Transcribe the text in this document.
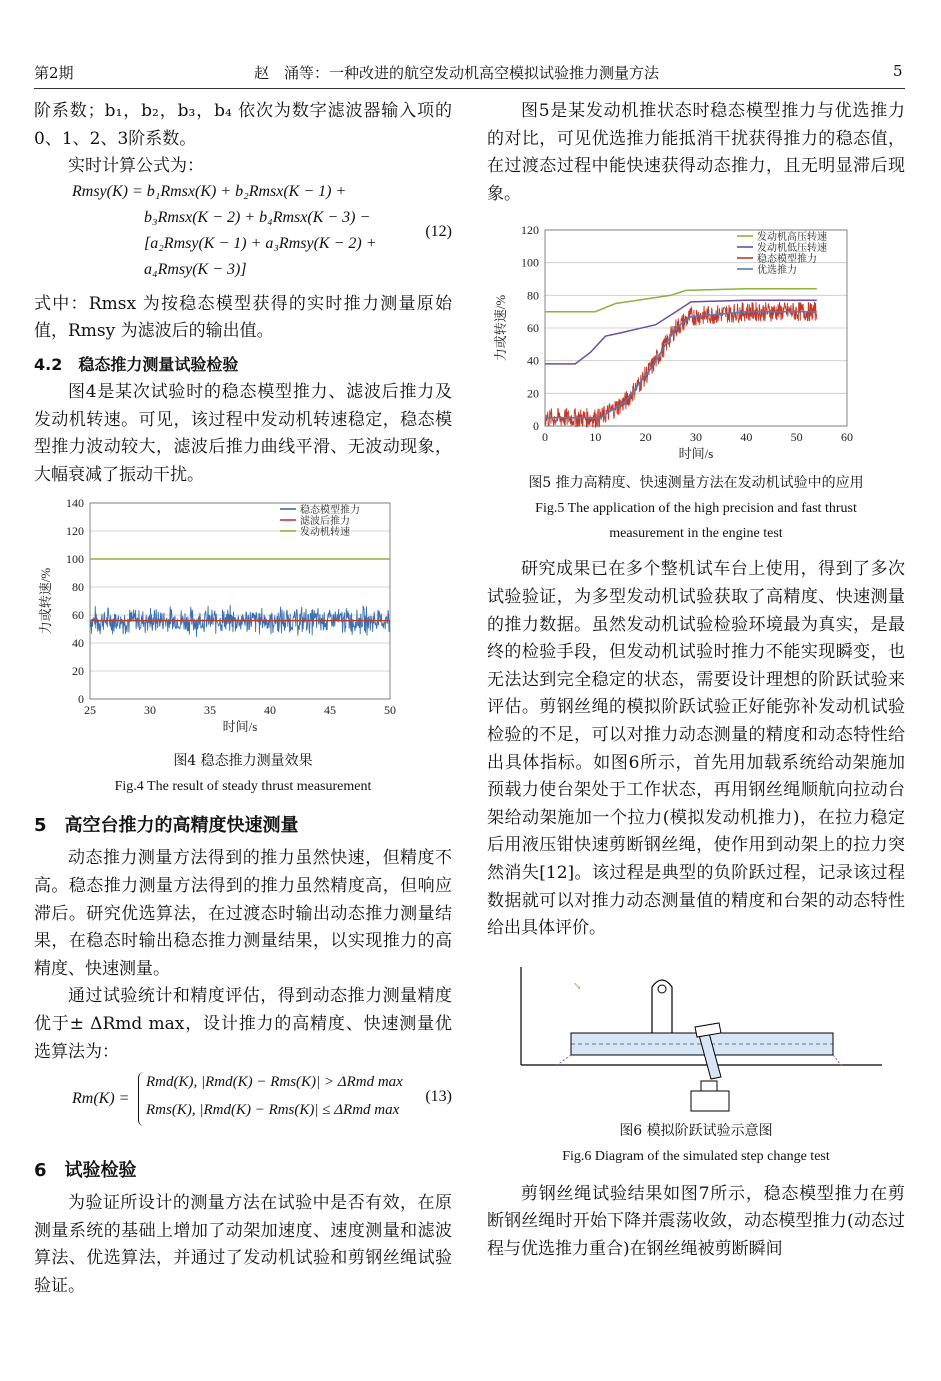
第2期	赵　涌等：一种改进的航空发动机高空模拟试验推力测量方法	5

阶系数；b₁，b₂，b₃，b₄ 依次为数字滤波器输入项的0、1、2、3阶系数。

实时计算公式为：

Rmsy(K) = b₁Rmsx(K) + b₂Rmsx(K − 1) +
b₃Rmsx(K − 2) + b₄Rmsx(K − 3) −
[a₂Rmsy(K − 1) + a₃Rmsy(K − 2) +
a₄Rmsy(K − 3)]
(12)

式中：Rmsx 为按稳态模型获得的实时推力测量原始值，Rmsy 为滤波后的输出值。

4.2　稳态推力测量试验检验

图4是某次试验时的稳态模型推力、滤波后推力及发动机转速。可见，该过程中发动机转速稳定，稳态模型推力波动较大，滤波后推力曲线平滑、无波动现象，大幅衰减了振动干扰。

0
20
40
60
80
100
120
140
25	30	35	40	45	50
时间/s
力或转速/%
稳态模型推力
滤波后推力
发动机转速
图4 稳态推力测量效果
Fig.4 The result of steady thrust measurement
5　高空台推力的高精度快速测量

动态推力测量方法得到的推力虽然快速，但精度不高。稳态推力测量方法得到的推力虽然精度高，但响应滞后。研究优选算法，在过渡态时输出动态推力测量结果，在稳态时输出稳态推力测量结果，以实现推力的高精度、快速测量。

通过试验统计和精度评估，得到动态推力测量精度优于± ΔRmd max，设计推力的高精度、快速测量优选算法为：

Rm(K) =
Rmd(K), |Rmd(K) − Rms(K)| > ΔRmd max
Rms(K), |Rmd(K) − Rms(K)| ≤ ΔRmd max
(13)
6　试验检验

为验证所设计的测量方法在试验中是否有效，在原测量系统的基础上增加了动架加速度、速度测量和滤波算法、优选算法，并通过了发动机试验和剪钢丝绳试验验证。

图5是某发动机推状态时稳态模型推力与优选推力的对比，可见优选推力能抵消干扰获得推力的稳态值，在过渡态过程中能快速获得动态推力，且无明显滞后现象。

0
20
40
60
80
100
120
0	10	20	30	40	50	60
时间/s
力或转速/%
发动机高压转速
发动机低压转速
稳态模型推力
优选推力
图5 推力高精度、快速测量方法在发动机试验中的应用
Fig.5 The application of the high precision and fast thrust
measurement in the engine test

研究成果已在多个整机试车台上使用，得到了多次试验验证，为多型发动机试验获取了高精度、快速测量的推力数据。虽然发动机试验检验环境最为真实，是最终的检验手段，但发动机试验时推力不能实现瞬变，也无法达到完全稳定的状态，需要设计理想的阶跃试验来评估。剪钢丝绳的模拟阶跃试验正好能弥补发动机试验检验的不足，可以对推力动态测量的精度和动态特性给出具体指标。如图6所示，首先用加载系统给动架施加预载力使台架处于工作状态，再用钢丝绳顺航向拉动台架给动架施加一个拉力(模拟发动机推力)，在拉力稳定后用液压钳快速剪断钢丝绳，使作用到动架上的拉力突然消失[12]。该过程是典型的负阶跃过程，记录该过程数据就可以对推力动态测量值的精度和台架的动态特性给出具体评价。

↘
图6 模拟阶跃试验示意图
Fig.6 Diagram of the simulated step change test

剪钢丝绳试验结果如图7所示，稳态模型推力在剪断钢丝绳时开始下降并震荡收敛，动态模型推力(动态过程与优选推力重合)在钢丝绳被剪断瞬间
